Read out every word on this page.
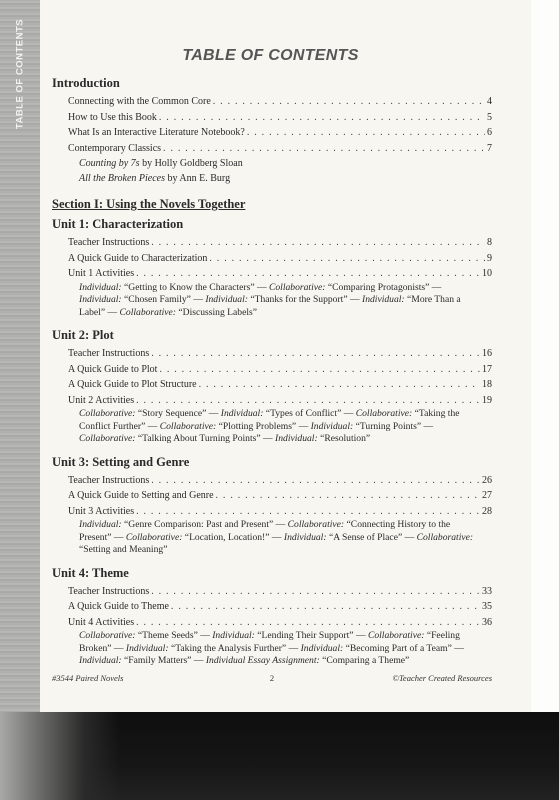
TABLE OF CONTENTS	TABLE OF CONTENTS
Introduction
Connecting with the Common Core . . .	4
How to Use this Book . . .	5
What Is an Interactive Literature Notebook? . . .	6
Contemporary Classics . . .	7
Counting by 7s by Holly Goldberg Sloan
All the Broken Pieces by Ann E. Burg
Section I: Using the Novels Together
Unit 1: Characterization
Teacher Instructions . . .	8
A Quick Guide to Characterization . . .	9
Unit 1 Activities . . .	10

Individual: “Getting to Know the Characters” — Collaborative: “Comparing Protagonists” — Individual: “Chosen Family” — Individual: “Thanks for the Support” — Individual: “More Than a Label” — Collaborative: “Discussing Labels”

Unit 2: Plot
Teacher Instructions . . .	16
A Quick Guide to Plot . . .	17
A Quick Guide to Plot Structure . . .	18
Unit 2 Activities . . .	19

Collaborative: “Story Sequence” — Individual: “Types of Conflict” — Collaborative: “Taking the Conflict Further” — Collaborative: “Plotting Problems” — Individual: “Turning Points” — Collaborative: “Talking About Turning Points” — Individual: “Resolution”

Unit 3: Setting and Genre
Teacher Instructions . . .	26
A Quick Guide to Setting and Genre . . .	27
Unit 3 Activities . . .	28

Individual: “Genre Comparison: Past and Present” — Collaborative: “Connecting History to the Present” — Collaborative: “Location, Location!” — Individual: “A Sense of Place” — Collaborative: “Setting and Meaning”

Unit 4: Theme
Teacher Instructions . . .	33
A Quick Guide to Theme . . .	35
Unit 4 Activities . . .	36

Collaborative: “Theme Seeds” — Individual: “Lending Their Support” — Collaborative: “Feeling Broken” — Individual: “Taking the Analysis Further” — Individual: “Becoming Part of a Team” — Individual: “Family Matters” — Individual Essay Assignment: “Comparing a Theme”

#3544 Paired Novels	2	©Teacher Created Resources
